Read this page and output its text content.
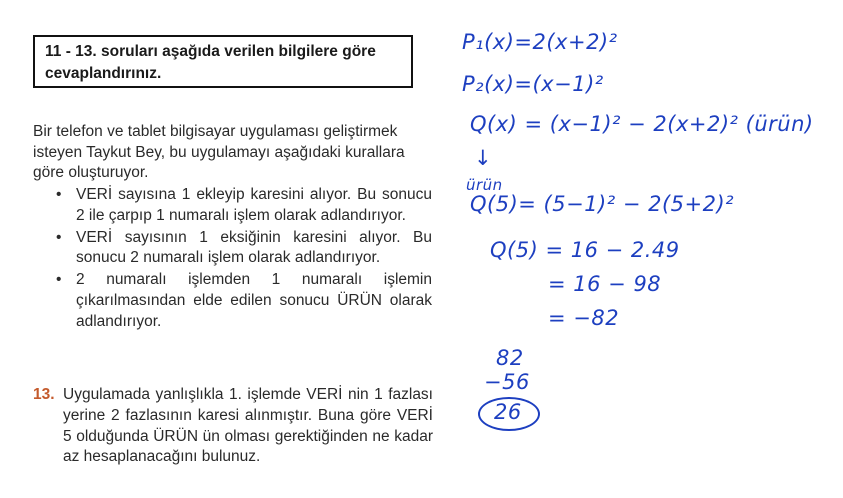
11 - 13. soruları aşağıda verilen bilgilere göre cevaplandırınız.
Bir telefon ve tablet bilgisayar uygulaması geliştirmek isteyen Taykut Bey, bu uygulamayı aşağıdaki kurallara göre oluşturuyor.
• VERİ sayısına 1 ekleyip karesini alıyor. Bu sonucu 2 ile çarpıp 1 numaralı işlem olarak adlandırıyor.
• VERİ sayısının 1 eksiğinin karesini alıyor. Bu sonucu 2 numaralı işlem olarak adlandırıyor.
• 2 numaralı işlemden 1 numaralı işlemin çıkarılmasından elde edilen sonucu ÜRÜN olarak adlandırıyor.
13. Uygulamada yanlışlıkla 1. işlemde VERİ nin 1 fazlası yerine 2 fazlasının karesi alınmıştır. Buna göre VERİ 5 olduğunda ÜRÜN ün olması gerektiğinden ne kadar az hesaplanacağını bulunuz.
P₁(x)=2(x+2)²
P₂(x)=(x−1)²
Q(x) = (x−1)² − 2(x+2)² (ürün)
↓
ürün
Q(5)= (5−1)² − 2(5+2)²
Q(5) = 16 − 2.49
= 16 − 98
= −82
82
−56
26
